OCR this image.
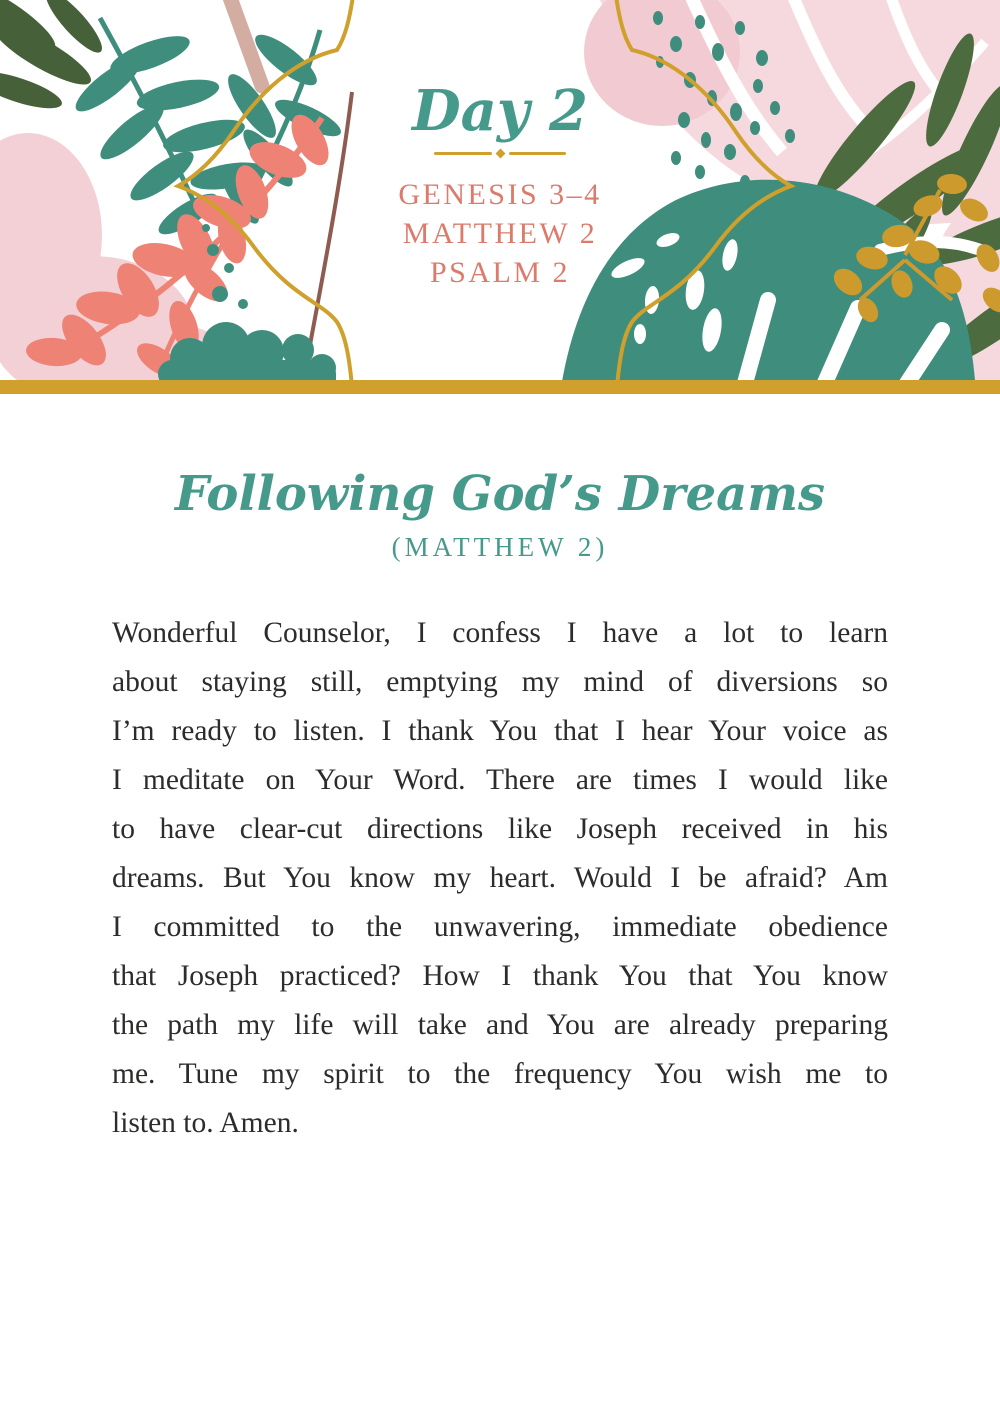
Day 2
GENESIS 3–4
MATTHEW 2
PSALM 2
Following God’s Dreams
(MATTHEW 2)
Wonderful Counselor, I confess I have a lot to learn
about staying still, emptying my mind of diversions so
I’m ready to listen. I thank You that I hear Your voice as
I meditate on Your Word. There are times I would like
to have clear-cut directions like Joseph received in his
dreams. But You know my heart. Would I be afraid? Am
I committed to the unwavering, immediate obedience
that Joseph practiced? How I thank You that You know
the path my life will take and You are already preparing
me. Tune my spirit to the frequency You wish me to
listen to. Amen.
